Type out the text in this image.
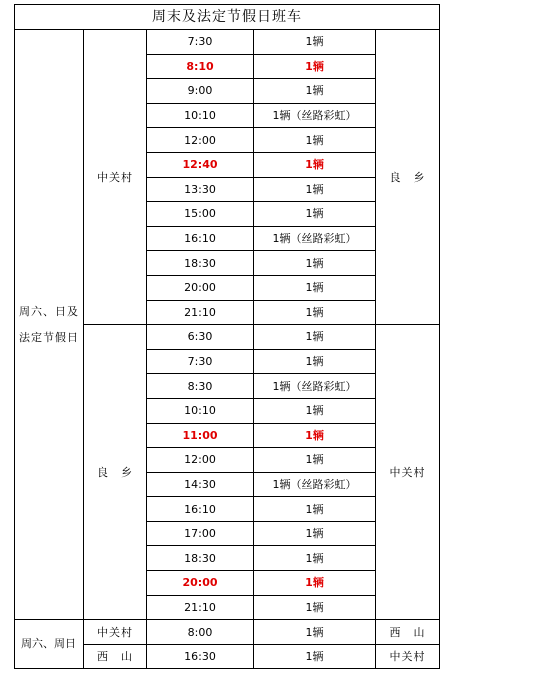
周末及法定节假日班车				
周六、日及法定节假日	中关村	7:30	1辆	良　乡
		8:10	1辆	
		9:00	1辆	
		10:10	1辆（丝路彩虹）	
		12:00	1辆	
		12:40	1辆	
		13:30	1辆	
		15:00	1辆	
		16:10	1辆（丝路彩虹）	
		18:30	1辆	
		20:00	1辆	
		21:10	1辆	
	良　乡	6:30	1辆	中关村
		7:30	1辆	
		8:30	1辆（丝路彩虹）	
		10:10	1辆	
		11:00	1辆	
		12:00	1辆	
		14:30	1辆（丝路彩虹）	
		16:10	1辆	
		17:00	1辆	
		18:30	1辆	
		20:00	1辆	
		21:10	1辆	
周六、周日	中关村	8:00	1辆	西　山
	西　山	16:30	1辆	中关村
